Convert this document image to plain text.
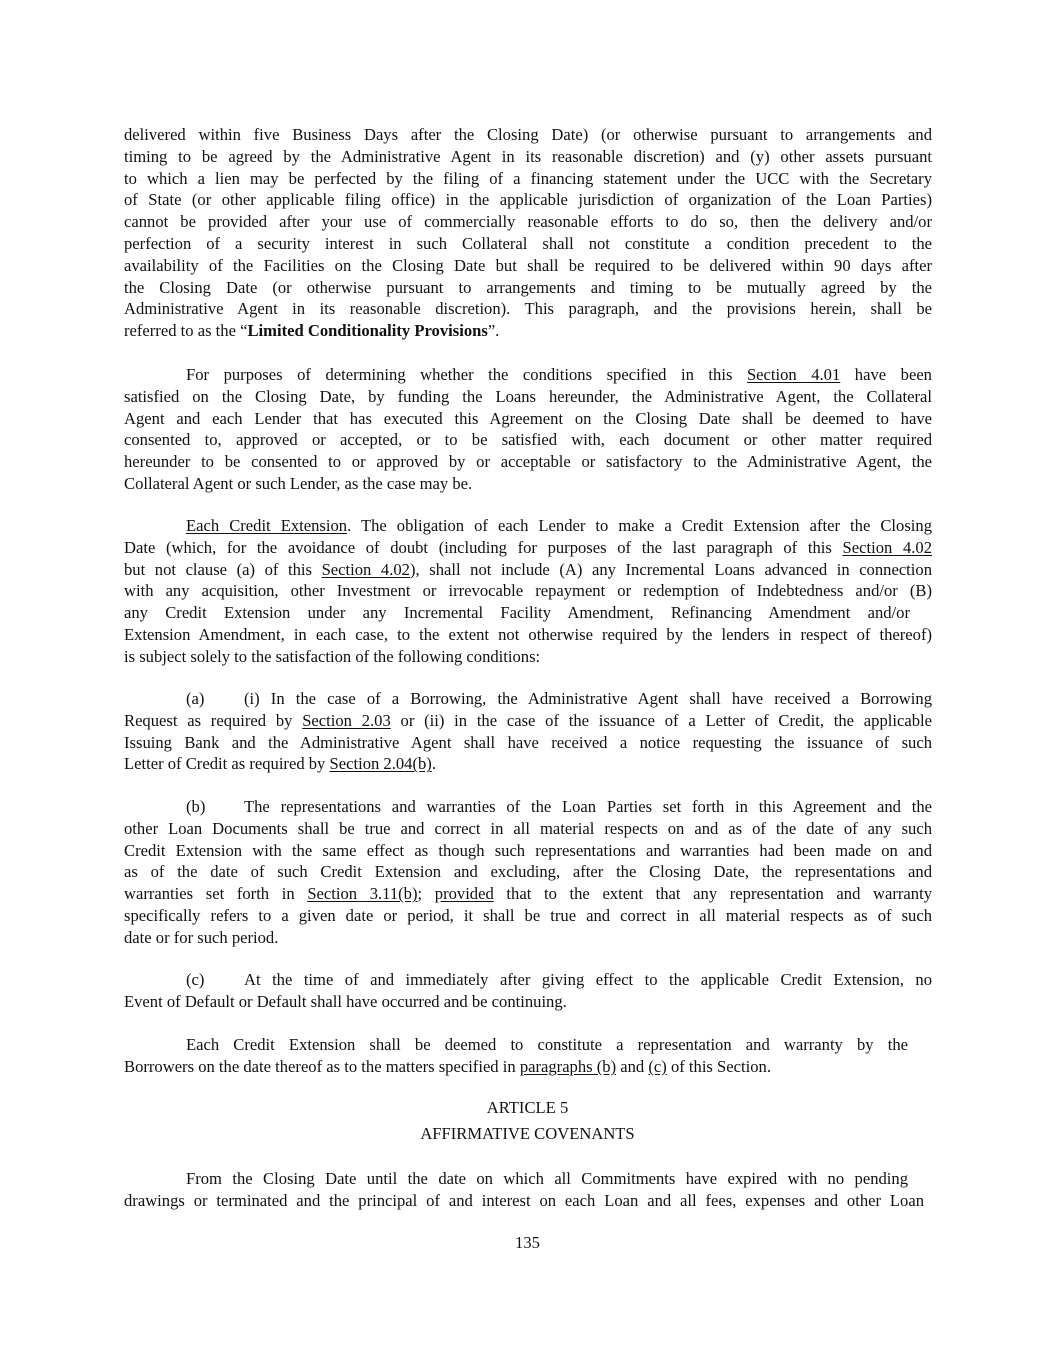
delivered within five Business Days after the Closing Date) (or otherwise pursuant to arrangements and
timing to be agreed by the Administrative Agent in its reasonable discretion) and (y) other assets pursuant
to which a lien may be perfected by the filing of a financing statement under the UCC with the Secretary
of State (or other applicable filing office) in the applicable jurisdiction of organization of the Loan Parties)
cannot be provided after your use of commercially reasonable efforts to do so, then the delivery and/or
perfection of a security interest in such Collateral shall not constitute a condition precedent to the
availability of the Facilities on the Closing Date but shall be required to be delivered within 90 days after
the Closing Date (or otherwise pursuant to arrangements and timing to be mutually agreed by the
Administrative Agent in its reasonable discretion). This paragraph, and the provisions herein, shall be
referred to as the “Limited Conditionality Provisions”.
For purposes of determining whether the conditions specified in this Section 4.01 have been
satisfied on the Closing Date, by funding the Loans hereunder, the Administrative Agent, the Collateral
Agent and each Lender that has executed this Agreement on the Closing Date shall be deemed to have
consented to, approved or accepted, or to be satisfied with, each document or other matter required
hereunder to be consented to or approved by or acceptable or satisfactory to the Administrative Agent, the
Collateral Agent or such Lender, as the case may be.
Each Credit Extension. The obligation of each Lender to make a Credit Extension after the Closing
Date (which, for the avoidance of doubt (including for purposes of the last paragraph of this Section 4.02
but not clause (a) of this Section 4.02), shall not include (A) any Incremental Loans advanced in connection
with any acquisition, other Investment or irrevocable repayment or redemption of Indebtedness and/or (B)
any Credit Extension under any Incremental Facility Amendment, Refinancing Amendment and/or
Extension Amendment, in each case, to the extent not otherwise required by the lenders in respect of thereof)
is subject solely to the satisfaction of the following conditions:
(a) (i) In the case of a Borrowing, the Administrative Agent shall have received a Borrowing
Request as required by Section 2.03 or (ii) in the case of the issuance of a Letter of Credit, the applicable
Issuing Bank and the Administrative Agent shall have received a notice requesting the issuance of such
Letter of Credit as required by Section 2.04(b).
(b) The representations and warranties of the Loan Parties set forth in this Agreement and the
other Loan Documents shall be true and correct in all material respects on and as of the date of any such
Credit Extension with the same effect as though such representations and warranties had been made on and
as of the date of such Credit Extension and excluding, after the Closing Date, the representations and
warranties set forth in Section 3.11(b); provided that to the extent that any representation and warranty
specifically refers to a given date or period, it shall be true and correct in all material respects as of such
date or for such period.
(c) At the time of and immediately after giving effect to the applicable Credit Extension, no
Event of Default or Default shall have occurred and be continuing.
Each Credit Extension shall be deemed to constitute a representation and warranty by the
Borrowers on the date thereof as to the matters specified in paragraphs (b) and (c) of this Section.
ARTICLE 5
AFFIRMATIVE COVENANTS
From the Closing Date until the date on which all Commitments have expired with no pending
drawings or terminated and the principal of and interest on each Loan and all fees, expenses and other Loan
135
